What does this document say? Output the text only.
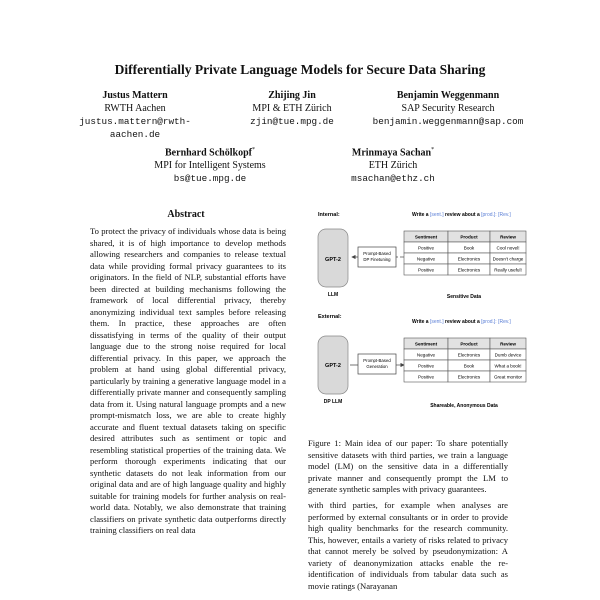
Differentially Private Language Models for Secure Data Sharing
Justus Mattern
RWTH Aachen
justus.mattern@rwth-aachen.de
Zhijing Jin
MPI & ETH Zürich
zjin@tue.mpg.de
Benjamin Weggenmann
SAP Security Research
benjamin.weggenmann@sap.com
Bernhard Schölkopf*
MPI for Intelligent Systems
bs@tue.mpg.de
Mrinmaya Sachan*
ETH Zürich
msachan@ethz.ch
Abstract
To protect the privacy of individuals whose data is being shared, it is of high importance to develop methods allowing researchers and companies to release textual data while providing formal privacy guarantees to its originators. In the field of NLP, substantial efforts have been directed at building mechanisms following the framework of local differential privacy, thereby anonymizing individual text samples before releasing them. In practice, these approaches are often dissatisfying in terms of the quality of their output language due to the strong noise required for local differential privacy. In this paper, we approach the problem at hand using global differential privacy, particularly by training a generative language model in a differentially private manner and consequently sampling data from it. Using natural language prompts and a new prompt-mismatch loss, we are able to create highly accurate and fluent textual datasets taking on specific desired attributes such as sentiment or topic and resembling statistical properties of the training data. We perform thorough experiments indicating that our synthetic datasets do not leak information from our original data and are of high language quality and highly suitable for training models for further analysis on real-world data. Notably, we also demonstrate that training classifiers on private synthetic data outperforms directly training classifiers on real data
Internal:	Write a [sent.] review about a [prod.]: [Rev.]
GPT-2
LLM
Prompt-Based DP Finetuning
Sentiment	Product	Review
Positive	Book	Cool novel!
Negative	Electronics	Doesn't charge
Positive	Electronics	Really useful!
Sensitive Data
External:
Write a [sent.] review about a [prod.]: [Rev.]
GPT-2
DP LLM
Prompt-Based Generation
Sentiment	Product	Review
Negative	Electronics	Dumb device
Positive	Book	What a book!
Positive	Electronics	Great monitor
Shareable, Anonymous Data
Figure 1: Main idea of our paper: To share potentially sensitive datasets with third parties, we train a language model (LM) on the sensitive data in a differentially private manner and consequently prompt the LM to generate synthetic samples with privacy guarantees.
with third parties, for example when analyses are performed by external consultants or in order to provide high quality benchmarks for the research community. This, however, entails a variety of risks related to privacy that cannot merely be solved by pseudonymization: A variety of deanonymization attacks enable the re-identification of individuals from tabular data such as movie ratings (Narayanan
